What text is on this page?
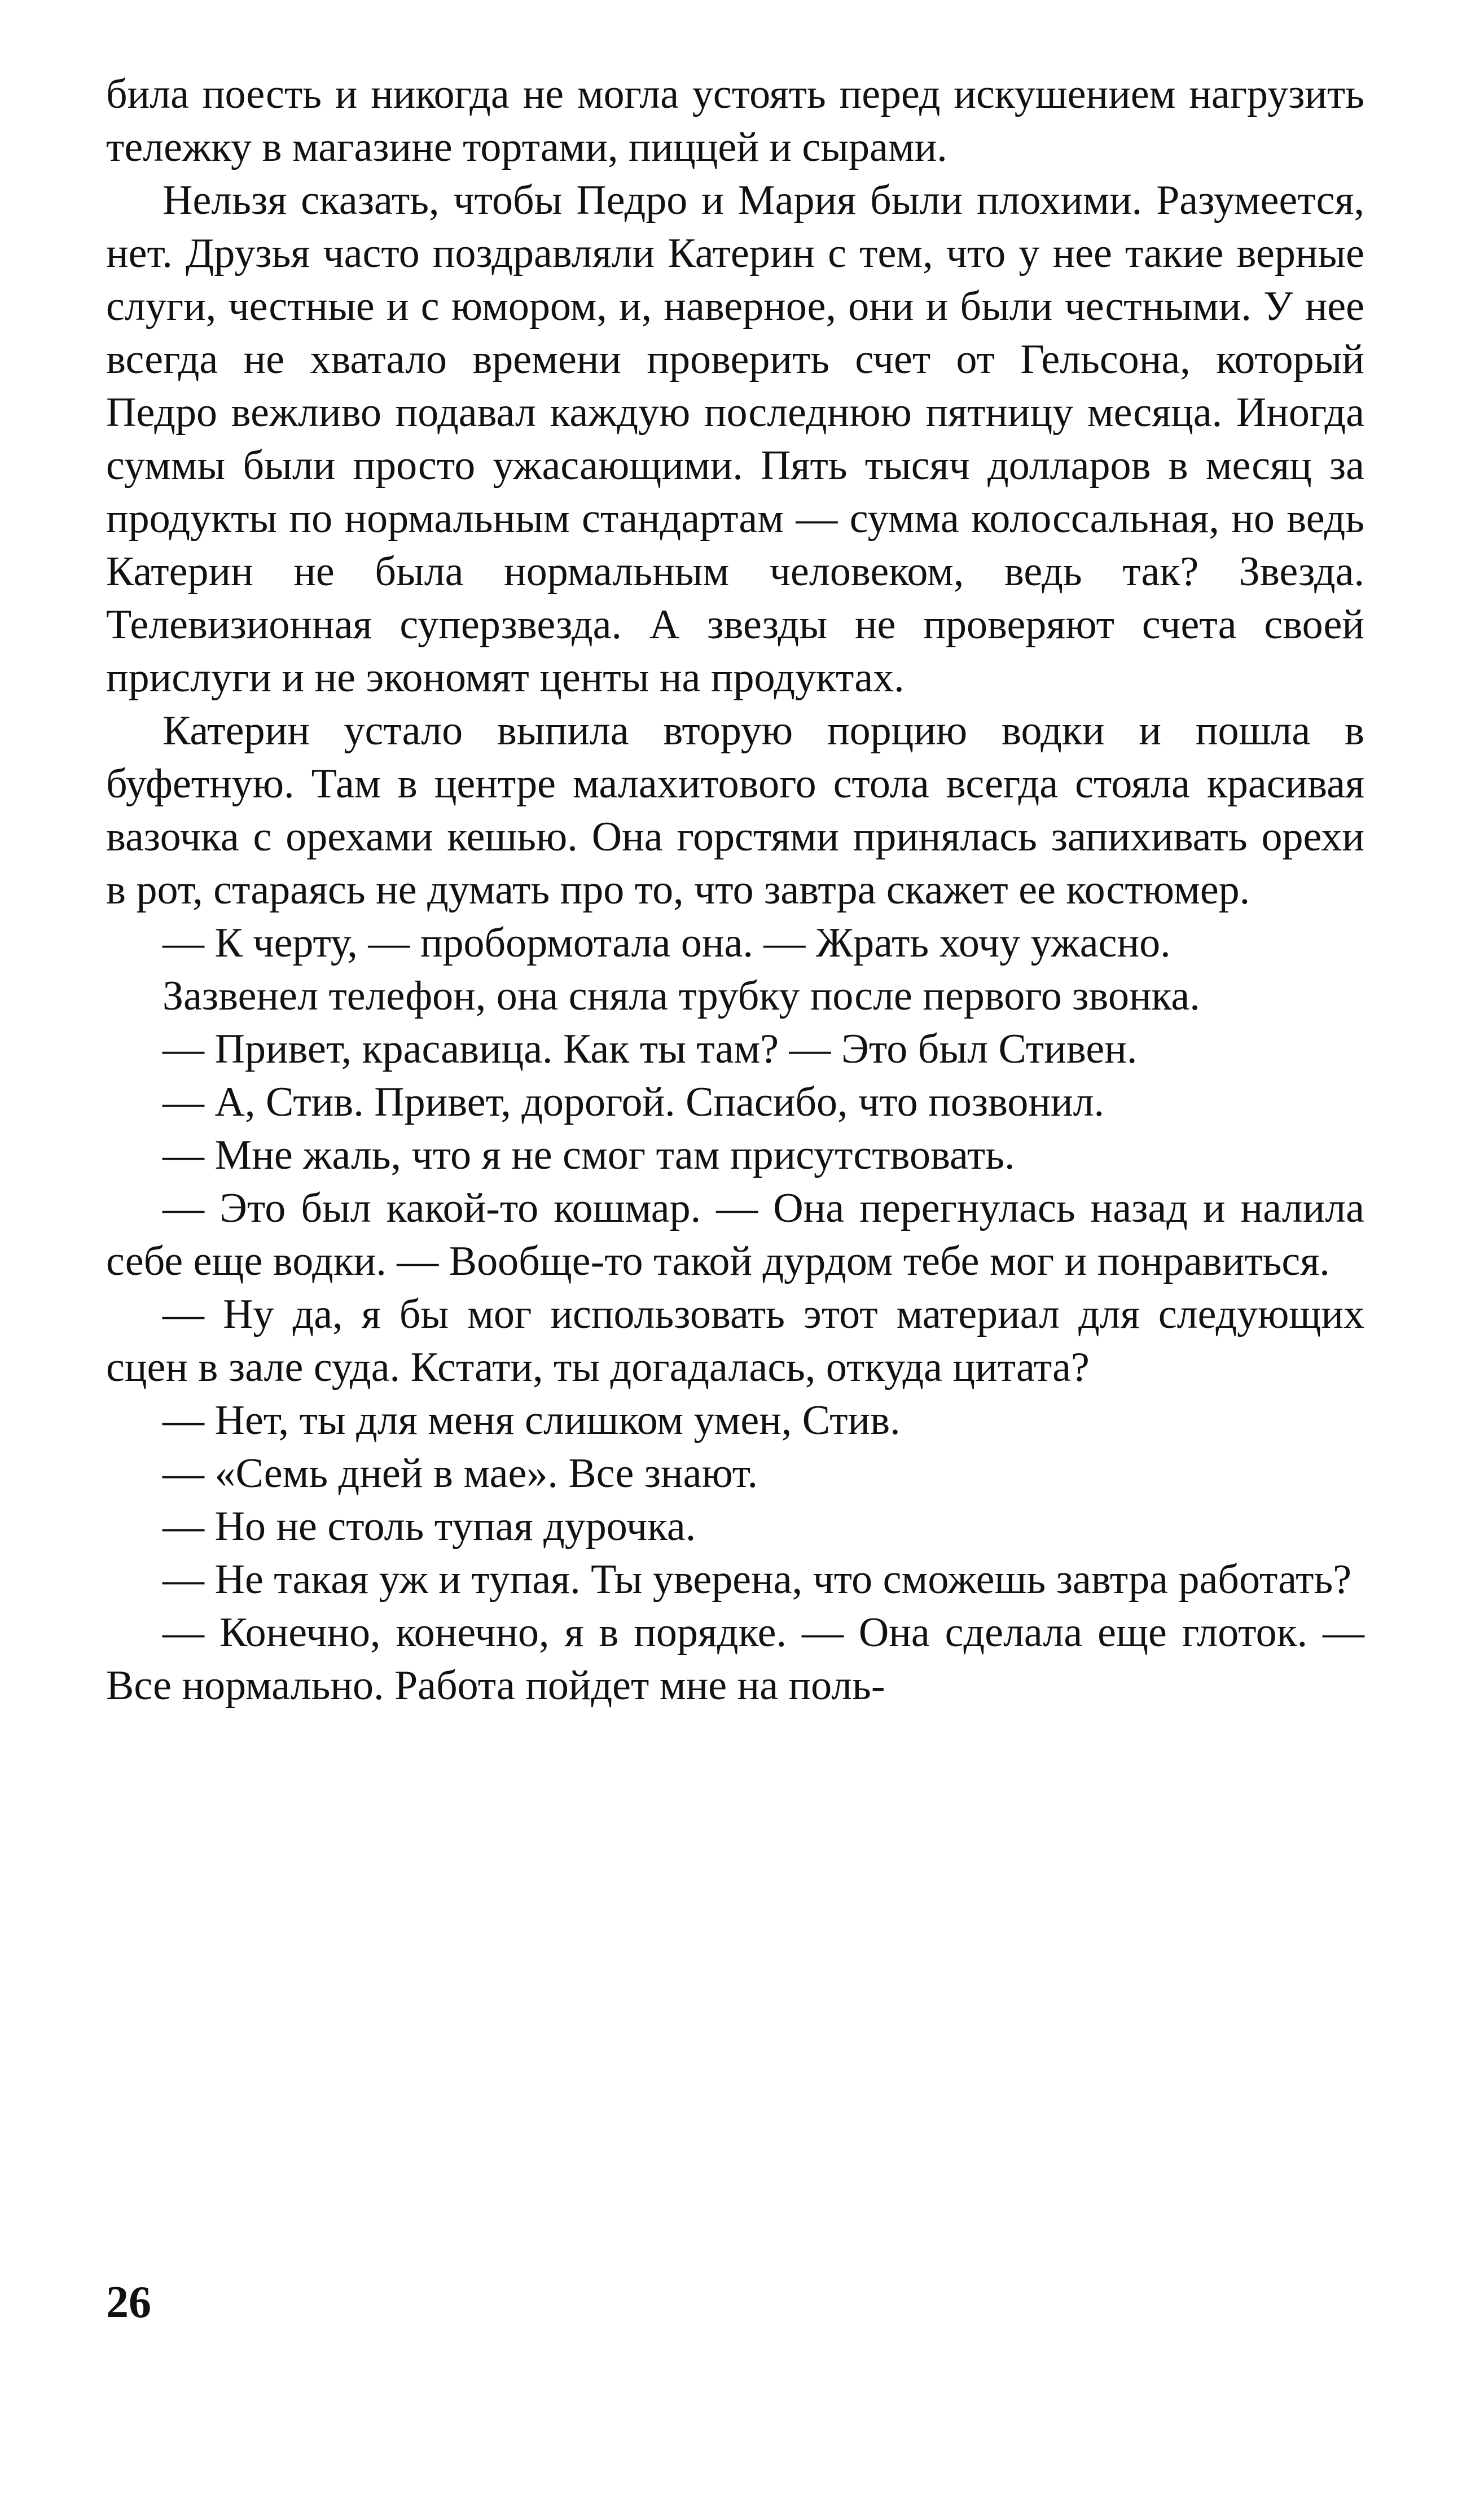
била поесть и никогда не могла устоять перед искушением нагрузить тележку в магазине тортами, пиццей и сырами.

Нельзя сказать, чтобы Педро и Мария были плохими. Разумеется, нет. Друзья часто поздравляли Катерин с тем, что у нее такие верные слуги, честные и с юмором, и, наверное, они и были честными. У нее всегда не хватало времени проверить счет от Гельсона, который Педро вежливо подавал каждую последнюю пятницу месяца. Иногда суммы были просто ужасающими. Пять тысяч долларов в месяц за продукты по нормальным стандартам — сумма колоссальная, но ведь Катерин не была нормальным человеком, ведь так? Звезда. Телевизионная суперзвезда. А звезды не проверяют счета своей прислуги и не экономят центы на продуктах.

Катерин устало выпила вторую порцию водки и пошла в буфетную. Там в центре малахитового стола всегда стояла красивая вазочка с орехами кешью. Она горстями принялась запихивать орехи в рот, стараясь не думать про то, что завтра скажет ее костюмер.

— К черту, — пробормотала она. — Жрать хочу ужасно.

Зазвенел телефон, она сняла трубку после первого звонка.

— Привет, красавица. Как ты там? — Это был Стивен.

— А, Стив. Привет, дорогой. Спасибо, что позвонил.

— Мне жаль, что я не смог там присутствовать.

— Это был какой-то кошмар. — Она перегнулась назад и налила себе еще водки. — Вообще-то такой дурдом тебе мог и понравиться.

— Ну да, я бы мог использовать этот материал для следующих сцен в зале суда. Кстати, ты догадалась, откуда цитата?

— Нет, ты для меня слишком умен, Стив.

— «Семь дней в мае». Все знают.

— Но не столь тупая дурочка.

— Не такая уж и тупая. Ты уверена, что сможешь завтра работать?

— Конечно, конечно, я в порядке. — Она сделала еще глоток. — Все нормально. Работа пойдет мне на поль-

26
